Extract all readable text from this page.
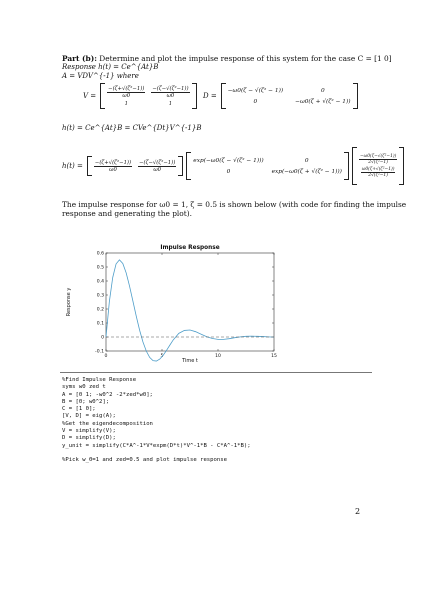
Part (b): Determine and plot the impulse response of this system for the case C = [1 0]
Response h(t) = Ce^{At}B
A = VDV^{-1} where
$V = \frac{\text{−(ζ+√(ζ²−1))}}{\omega 0} \frac{\text{−(ζ−√(ζ²−1))}}{\omega 0}$
1	1
D =
−ω0(ζ − √(ζ² − 1))	0
0	−ω0(ζ + √(ζ² − 1))
h(t) = Ce^{At}B = CVe^{Dt}V^{-1}B
$h(t) = \frac{\text{−(ζ+√(ζ²−1))}}{\omega 0} \frac{\text{−(ζ−√(ζ²−1))}}{\omega 0}$	exp(−ω0(ζ − √(ζ² − 1)))	0
0	exp(−ω0(ζ + √(ζ² − 1)))
$\frac{\text{−ω0(ζ−√(ζ²−1))}}{\text{2√(ζ²−1)}}$
$\frac{\text{ω0(ζ+√(ζ²−1))}}{\text{2√(ζ²−1)}}$
The impulse response for ω0 = 1, ζ = 0.5 is shown below (with code for finding the impulse
response and generating the plot).
Impulse Response
0	5	10	15
-0.1
0
0.1
0.2
0.3
0.4
0.5
0.6
Time t
Response y
%Find Impulse Response
syms w0 zed t
A = [0 1; -w0^2 -2*zed*w0];
B = [0; w0^2];
C = [1 0];
[V, D] = eig(A);
%Get the eigendecomposition
V = simplify(V);
D = simplify(D);
y_unit = simplify(C*A^-1*V*expm(D*t)*V^-1*B - C*A^-1*B);

%Pick w_0=1 and zed=0.5 and plot impulse response
2
